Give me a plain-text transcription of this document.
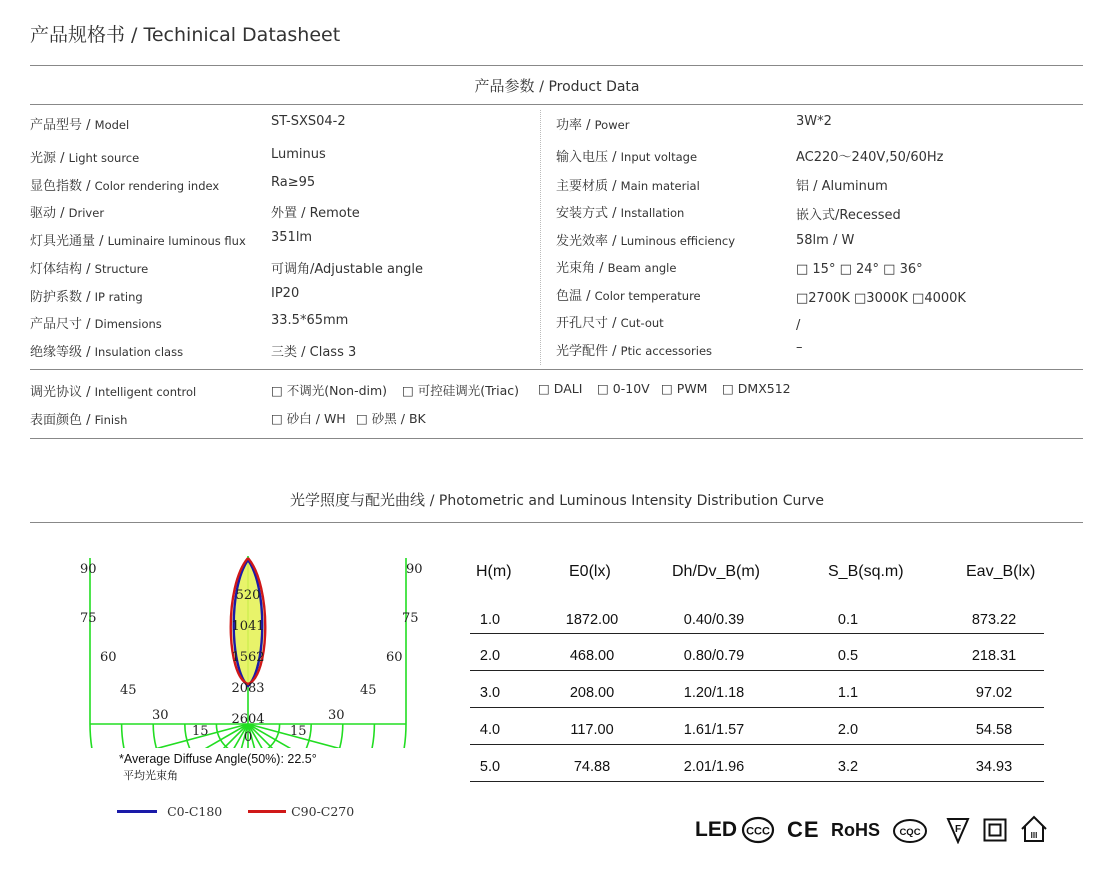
产品规格书 / Techinical Datasheet
产品参数 / Product Data
产品型号 / Model	ST-SXS04-2
光源 / Light source	Luminus
显色指数 / Color rendering index	Ra≥95
驱动 / Driver	外置 / Remote
灯具光通量 / Luminaire luminous flux 351lm
灯体结构 / Structure	可调角/Adjustable angle
防护系数 / IP rating	IP20
产品尺寸 / Dimensions	33.5*65mm
绝缘等级 / Insulation class	三类 / Class 3
功率 / Power	3W*2
输入电压 / Input voltage	AC220～240V,50/60Hz
主要材质 / Main material	铝 / Aluminum
安装方式 / Installation	嵌入式/Recessed
发光效率 / Luminous efficiency	58lm / W
光束角 / Beam angle	□ 15° □ 24° □ 36°
色温 / Color temperature	□2700K □3000K □4000K
开孔尺寸 / Cut-out	/
光学配件 / Ptic accessories	–
调光协议 / Intelligent control	□ 不调光(Non-dim) □ 可控硅调光(Triac) □ DALI □ 0-10V □ PWM □ DMX512
表面颜色 / Finish	□ 砂白 / WH □ 砂黑 / BK
光学照度与配光曲线 / Photometric and Luminous Intensity Distribution Curve
90
75
60
45
30
15	0	15
30
45
60
75
90
520
1041
1562
2083
2604
*Average Diffuse Angle(50%): 22.5°
平均光束角
C0-C180	C90-C270
H(m)	E0(lx)	Dh/Dv_B(m)	S_B(sq.m)	Eav_B(lx)
1.0	1872.00	0.40/0.39	0.1	873.22
2.0	468.00	0.80/0.79	0.5	218.31
3.0	208.00	1.20/1.18	1.1	97.02
4.0	117.00	1.61/1.57	2.0	54.58
5.0	74.88	2.01/1.96	3.2	34.93
LED CCC CE RoHS CQC	F
III
